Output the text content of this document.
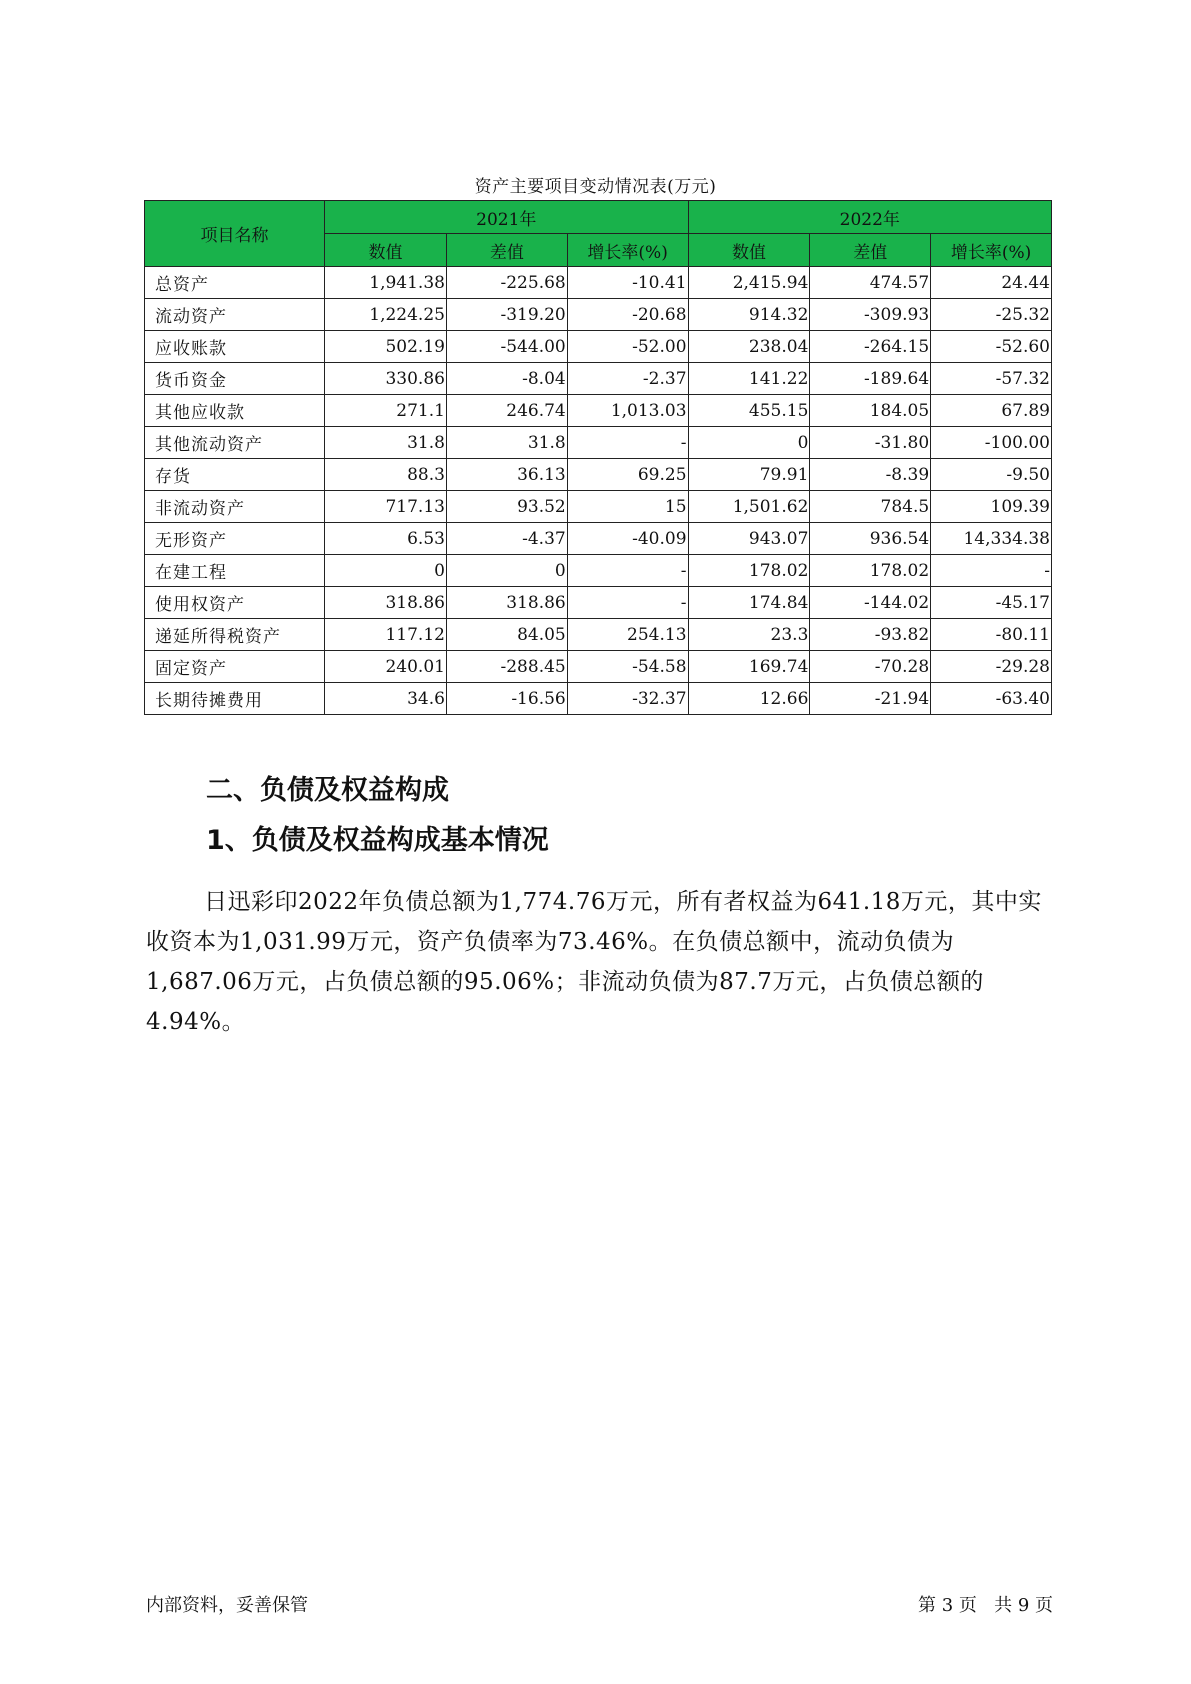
资产主要项目变动情况表(万元)
项目名称	2021年			2022年		
	数值	差值	增长率(%)	数值	差值	增长率(%)
总资产	1,941.38	-225.68	-10.41	2,415.94	474.57	24.44
流动资产	1,224.25	-319.20	-20.68	914.32	-309.93	-25.32
应收账款	502.19	-544.00	-52.00	238.04	-264.15	-52.60
货币资金	330.86	-8.04	-2.37	141.22	-189.64	-57.32
其他应收款	271.1	246.74	1,013.03	455.15	184.05	67.89
其他流动资产	31.8	31.8	-	0	-31.80	-100.00
存货	88.3	36.13	69.25	79.91	-8.39	-9.50
非流动资产	717.13	93.52	15	1,501.62	784.5	109.39
无形资产	6.53	-4.37	-40.09	943.07	936.54	14,334.38
在建工程	0	0	-	178.02	178.02	-
使用权资产	318.86	318.86	-	174.84	-144.02	-45.17
递延所得税资产	117.12	84.05	254.13	23.3	-93.82	-80.11
固定资产	240.01	-288.45	-54.58	169.74	-70.28	-29.28
长期待摊费用	34.6	-16.56	-32.37	12.66	-21.94	-63.40
二、负债及权益构成
1、负债及权益构成基本情况
日迅彩印2022年负债总额为1,774.76万元，所有者权益为641.18万元，其中实收资本为1,031.99万元，资产负债率为73.46%。在负债总额中，流动负债为1,687.06万元，占负债总额的95.06%；非流动负债为87.7万元，占负债总额的4.94%。
内部资料，妥善保管	第 3 页   共 9 页
